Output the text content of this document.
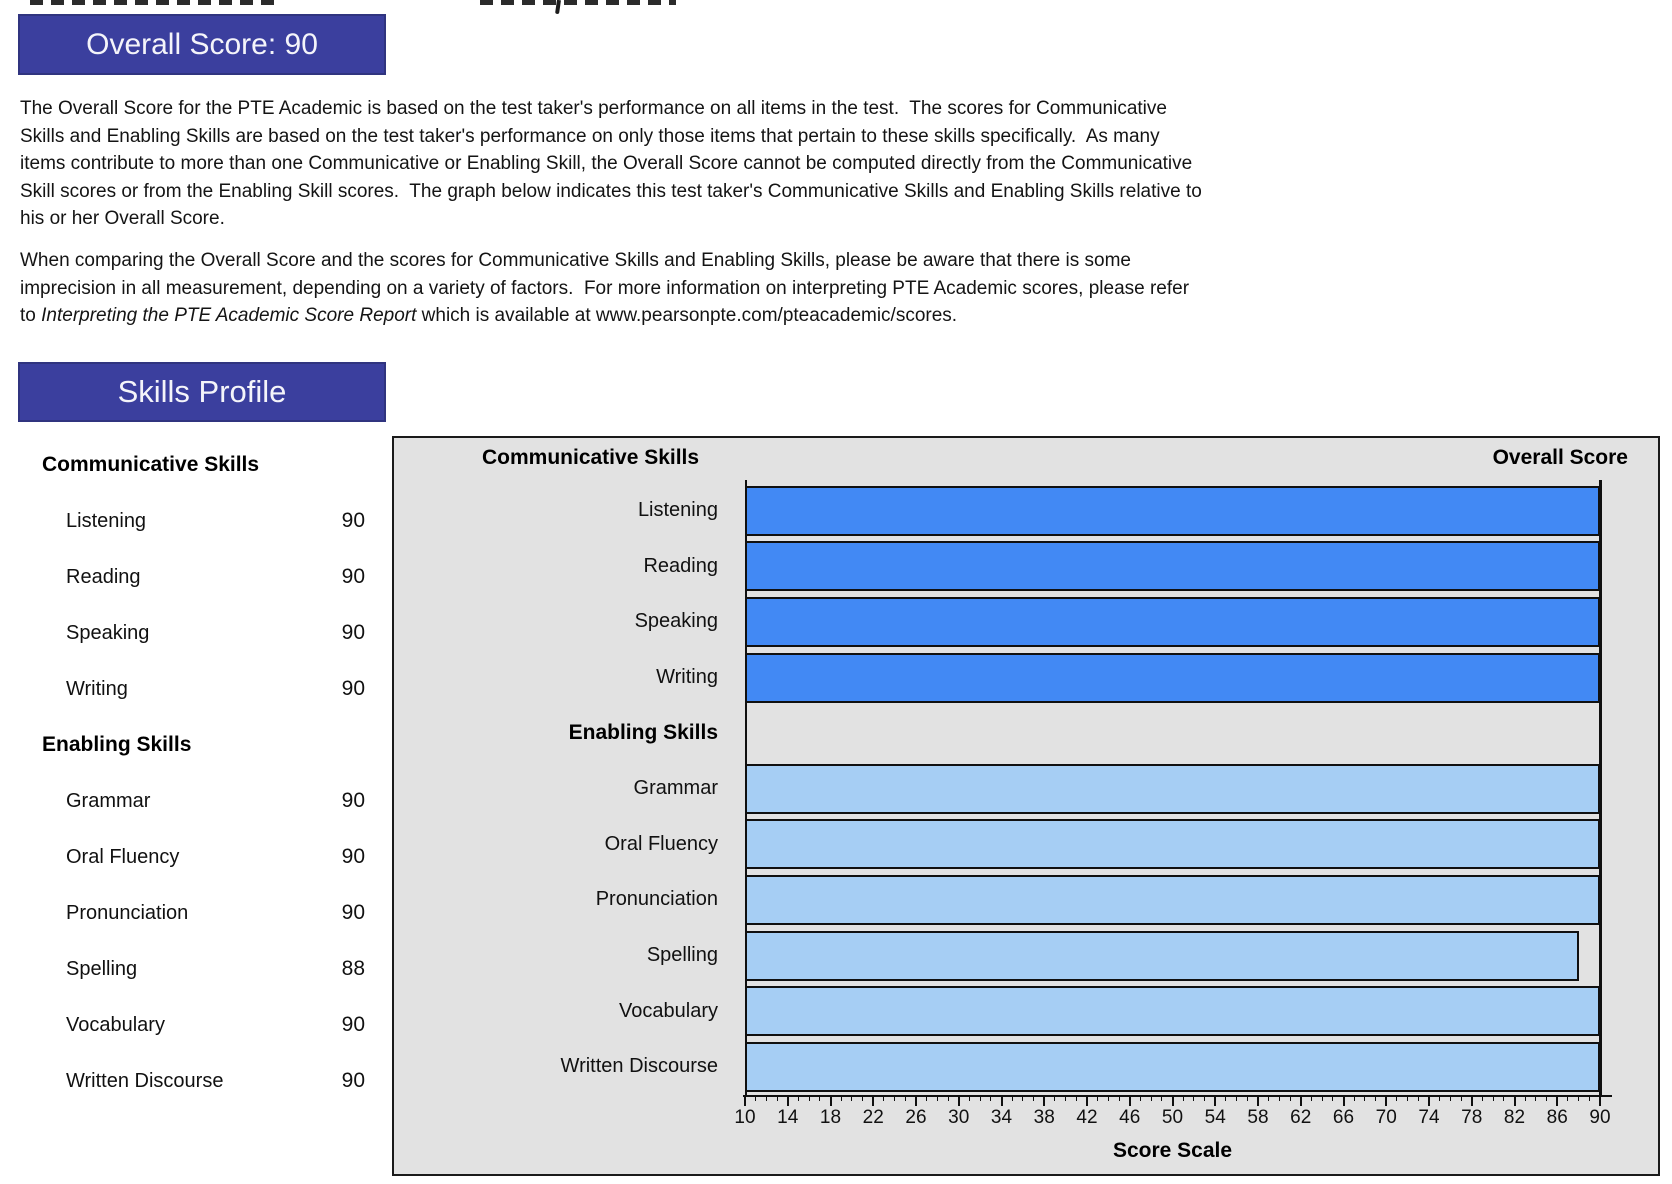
Overall Score: 90

The Overall Score for the PTE Academic is based on the test taker's performance on all items in the test.  The scores for Communicative Skills and Enabling Skills are based on the test taker's performance on only those items that pertain to these skills specifically.  As many items contribute to more than one Communicative or Enabling Skill, the Overall Score cannot be computed directly from the Communicative Skill scores or from the Enabling Skill scores.  The graph below indicates this test taker's Communicative Skills and Enabling Skills relative to his or her Overall Score.

When comparing the Overall Score and the scores for Communicative Skills and Enabling Skills, please be aware that there is some imprecision in all measurement, depending on a variety of factors.  For more information on interpreting PTE Academic scores, please refer to Interpreting the PTE Academic Score Report which is available at www.pearsonpte.com/pteacademic/scores.

Skills Profile
Communicative Skills
Listening	90
Reading	90
Speaking	90
Writing	90
Enabling Skills
Grammar	90
Oral Fluency	90
Pronunciation	90
Spelling	88
Vocabulary	90
Written Discourse	90
Communicative Skills	Overall Score
Listening
Reading
Speaking
Writing
Enabling Skills
Grammar
Oral Fluency
Pronunciation
Spelling
Vocabulary
Written Discourse
10	14	18	22	26	30	34	38	42	46	50	54	58	62	66	70	74	78	82	86	90
Score Scale
